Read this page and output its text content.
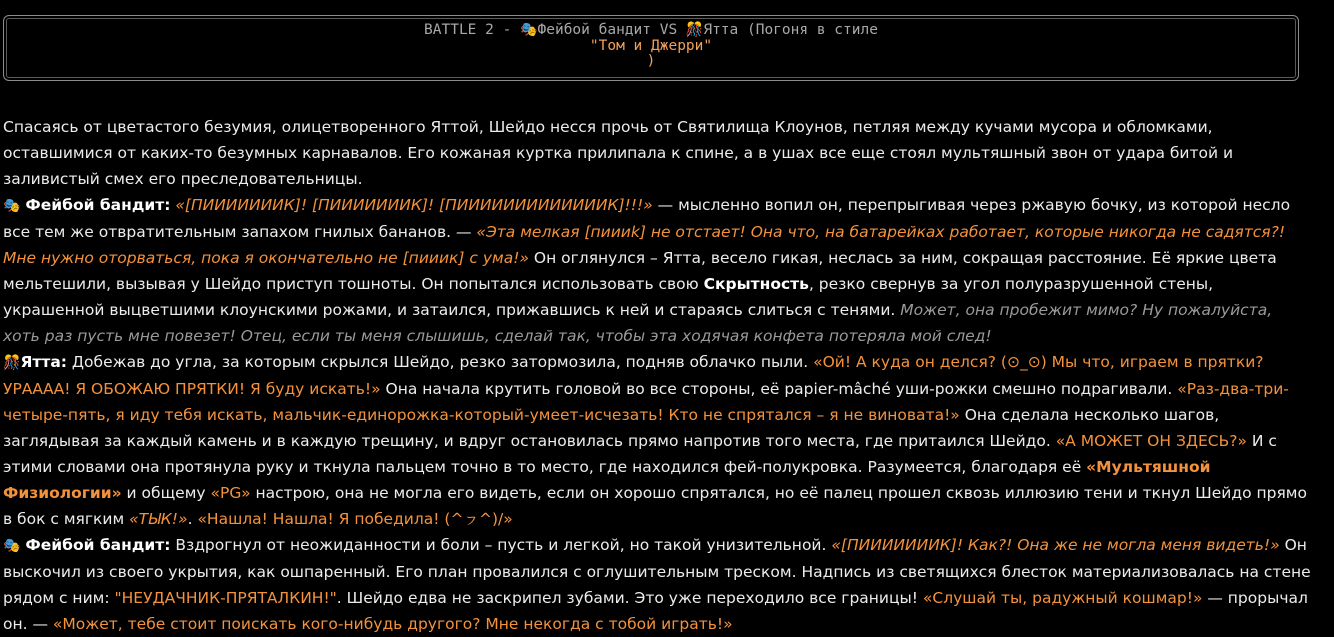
BATTLE 2 - 🎭Фейбой бандит VS 🎊Ятта (Погоня в стиле
"Том и Джерри"
)

Спасаясь от цветастого безумия, олицетворенного Яттой, Шейдо несся прочь от Святилища Клоунов, петляя между кучами мусора и обломками, оставшимися от каких-то безумных карнавалов. Его кожаная куртка прилипала к спине, а в ушах все еще стоял мультяшный звон от удара битой и заливистый смех его преследовательницы.

🎭 Фейбой бандит: «[ПИИИИИИИК]! [ПИИИИИИИК]! [ПИИИИИИИИИИИИИК]!!!» — мысленно вопил он, перепрыгивая через ржавую бочку, из которой несло все тем же отвратительным запахом гнилых бананов. — «Эта мелкая [пиииk] не отстает! Она что, на батарейках работает, которые никогда не садятся?! Мне нужно оторваться, пока я окончательно не [пииик] с ума!» Он оглянулся – Ятта, весело гикая, неслась за ним, сокращая расстояние. Её яркие цвета мельтешили, вызывая у Шейдо приступ тошноты. Он попытался использовать свою Скрытность, резко свернув за угол полуразрушенной стены, украшенной выцветшими клоунскими рожами, и затаился, прижавшись к ней и стараясь слиться с тенями. Может, она пробежит мимо? Ну пожалуйста, хоть раз пусть мне повезет! Отец, если ты меня слышишь, сделай так, чтобы эта ходячая конфета потеряла мой след!

🎊Ятта: Добежав до угла, за которым скрылся Шейдо, резко затормозила, подняв облачко пыли. «Ой! А куда он делся? (⊙_⊙) Мы что, играем в прятки? УРАААА! Я ОБОЖАЮ ПРЯТКИ! Я буду искать!» Она начала крутить головой во все стороны, её papier-mâché уши-рожки смешно подрагивали. «Раз-два-три-четыре-пять, я иду тебя искать, мальчик-единорожка-который-умеет-исчезать! Кто не спрятался – я не виновата!» Она сделала несколько шагов, заглядывая за каждый камень и в каждую трещину, и вдруг остановилась прямо напротив того места, где притаился Шейдо. «А МОЖЕТ ОН ЗДЕСЬ?» И с этими словами она протянула руку и ткнула пальцем точно в то место, где находился фей-полукровка. Разумеется, благодаря её «Мультяшной Физиологии» и общему «PG» настрою, она не могла его видеть, если он хорошо спрятался, но её палец прошел сквозь иллюзию тени и ткнул Шейдо прямо в бок с мягким «ТЫК!». «Нашла! Нашла! Я победила! (^ㇷ^)/»

🎭 Фейбой бандит: Вздрогнул от неожиданности и боли – пусть и легкой, но такой унизительной. «[ПИИИИИИИК]! Как?! Она же не могла меня видеть!» Он выскочил из своего укрытия, как ошпаренный. Его план провалился с оглушительным треском. Надпись из светящихся блесток материализовалась на стене рядом с ним: "НЕУДАЧНИК-ПРЯТАЛКИН!". Шейдо едва не заскрипел зубами. Это уже переходило все границы! «Слушай ты, радужный кошмар!» — прорычал он. — «Может, тебе стоит поискать кого-нибудь другого? Мне некогда с тобой играть!»
